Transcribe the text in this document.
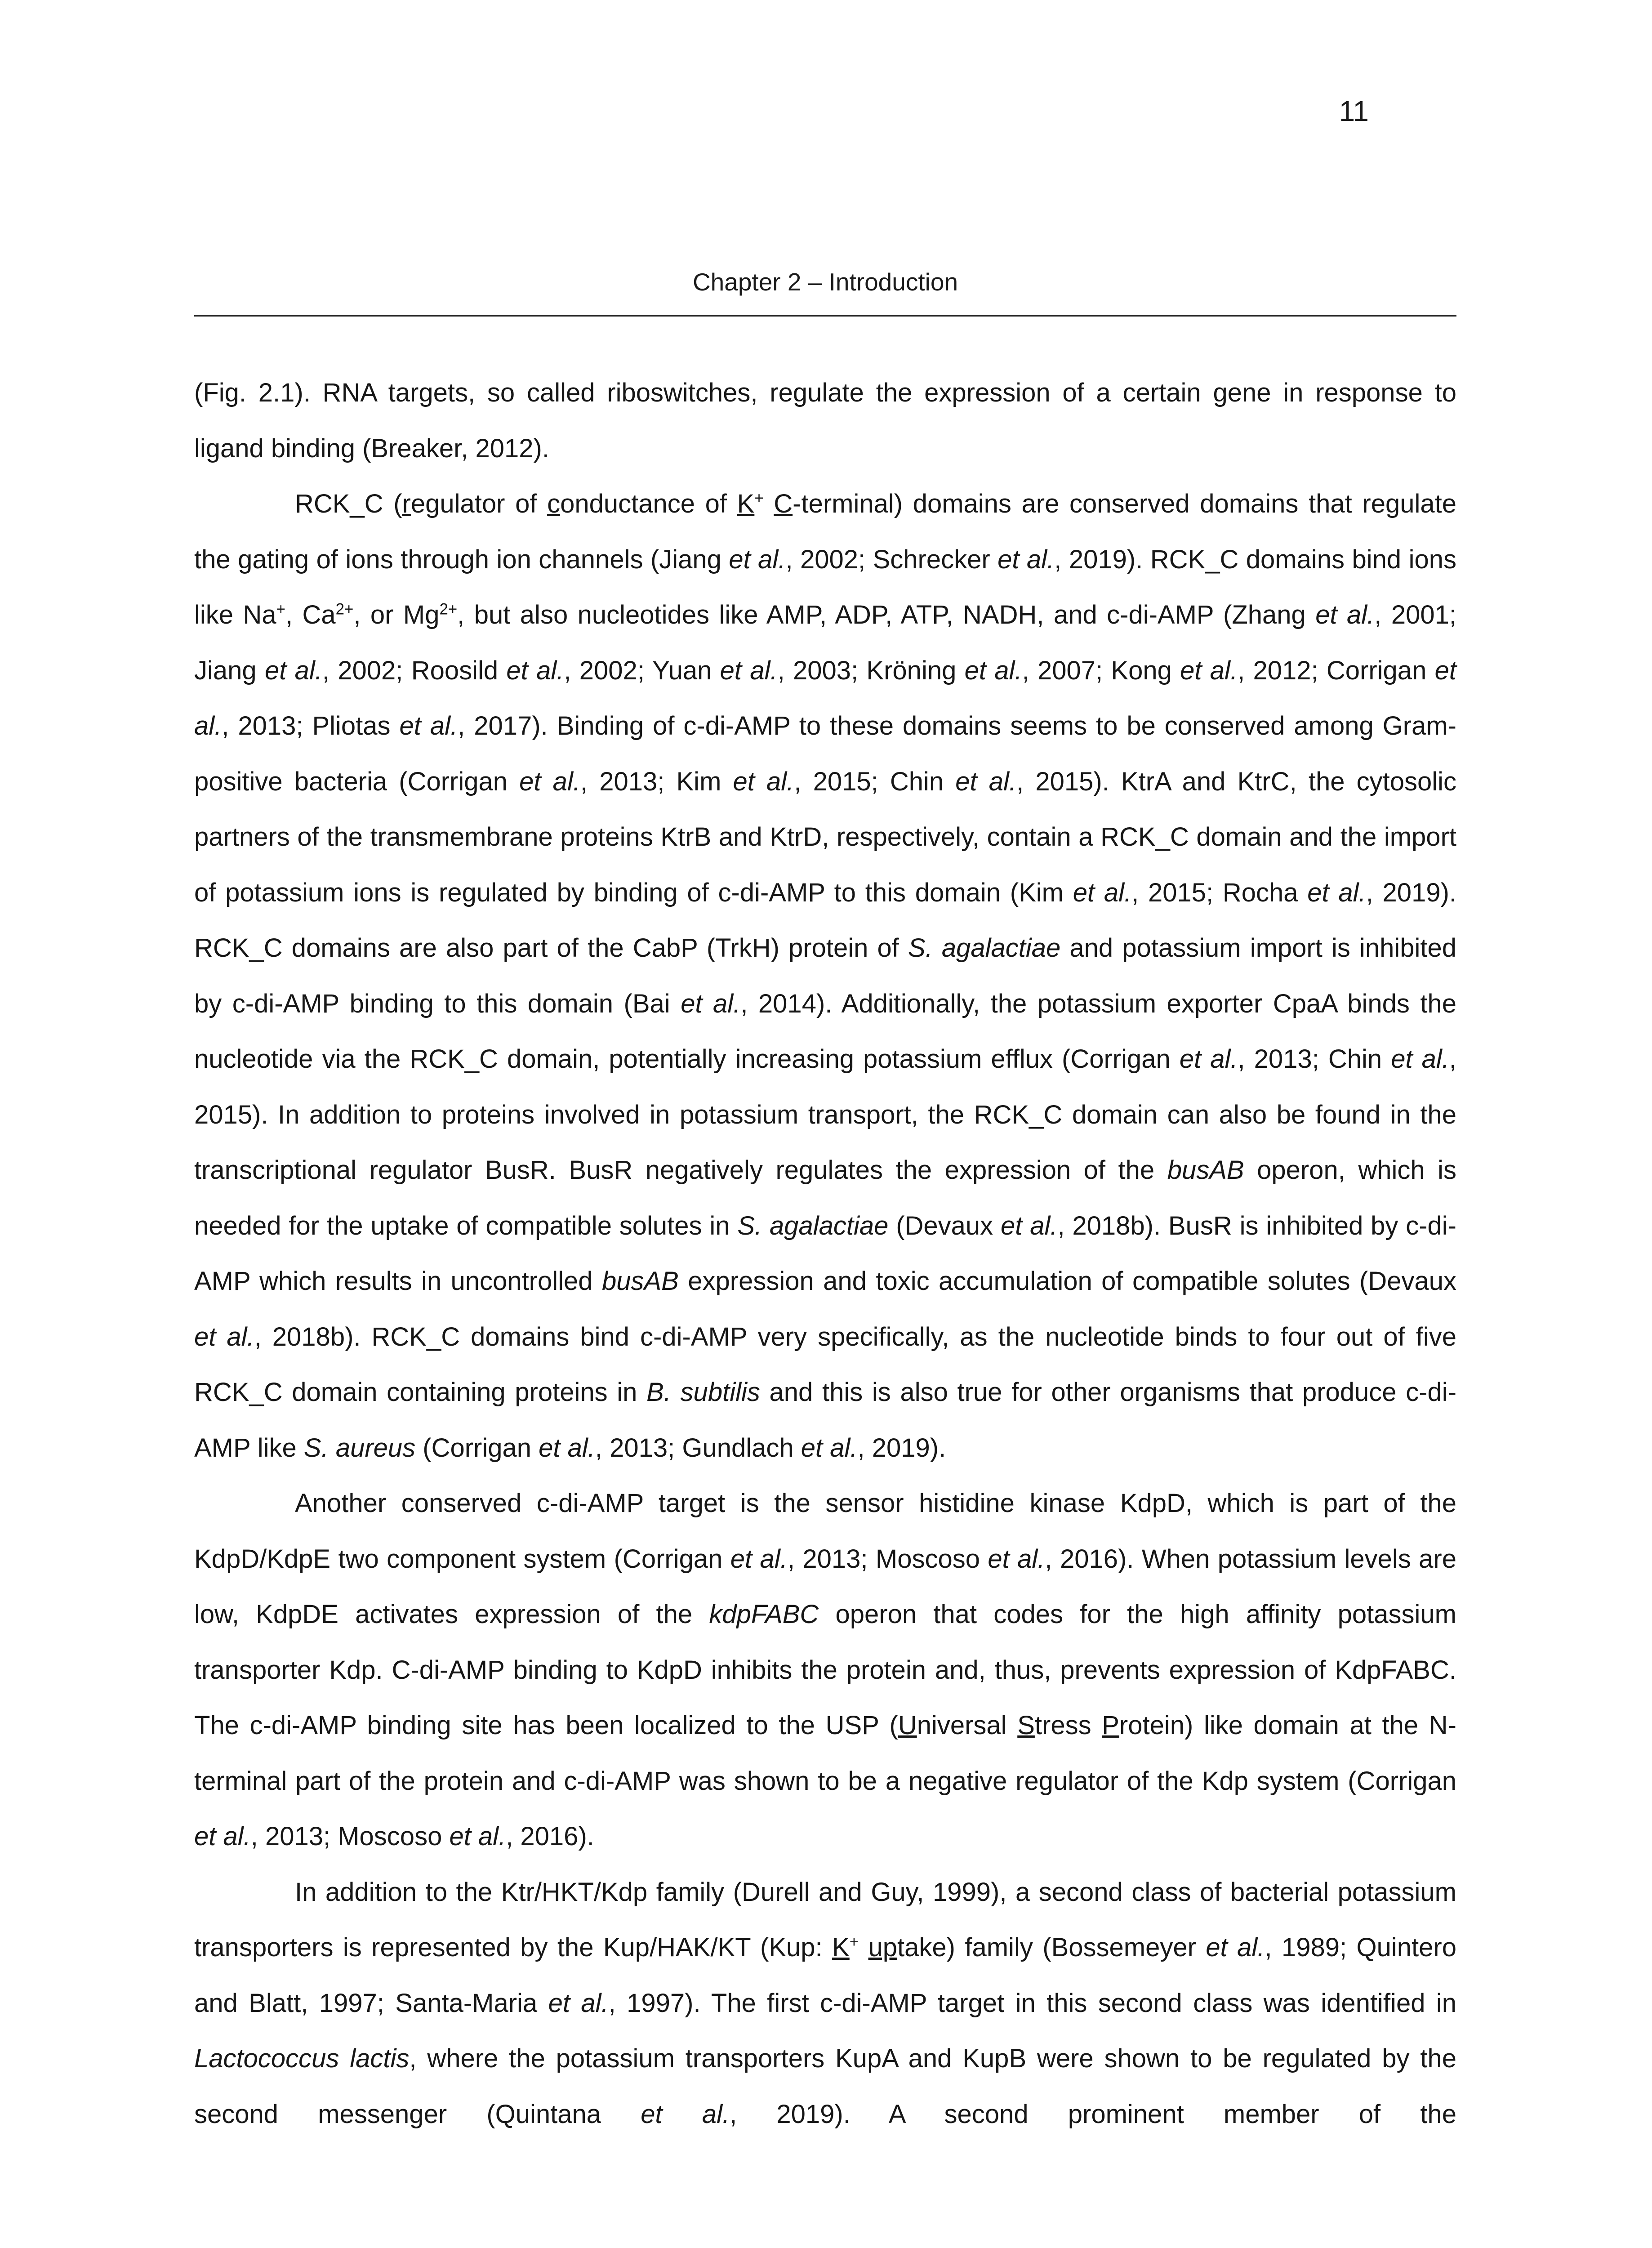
11
Chapter 2 – Introduction

(Fig. 2.1). RNA targets, so called riboswitches, regulate the expression of a certain gene in response to ligand binding (Breaker, 2012).

RCK_C (regulator of conductance of K+ C-terminal) domains are conserved domains that regulate the gating of ions through ion channels (Jiang et al., 2002; Schrecker et al., 2019). RCK_C domains bind ions like Na+, $Ca^{2+}$, or $Mg^{2+}$, but also nucleotides like AMP, ADP, ATP, NADH, and c-di-AMP (Zhang et al., 2001; Jiang et al., 2002; Roosild et al., 2002; Yuan et al., 2003; Kröning et al., 2007; Kong et al., 2012; Corrigan et al., 2013; Pliotas et al., 2017). Binding of c-di-AMP to these domains seems to be conserved among Gram-positive bacteria (Corrigan et al., 2013; Kim et al., 2015; Chin et al., 2015). KtrA and KtrC, the cytosolic partners of the transmembrane proteins KtrB and KtrD, respectively, contain a RCK_C domain and the import of potassium ions is regulated by binding of c-di-AMP to this domain (Kim et al., 2015; Rocha et al., 2019). RCK_C domains are also part of the CabP (TrkH) protein of S. agalactiae and potassium import is inhibited by c-di-AMP binding to this domain (Bai et al., 2014). Additionally, the potassium exporter CpaA binds the nucleotide via the RCK_C domain, potentially increasing potassium efflux (Corrigan et al., 2013; Chin et al., 2015). In addition to proteins involved in potassium transport, the RCK_C domain can also be found in the transcriptional regulator BusR. BusR negatively regulates the expression of the busAB operon, which is needed for the uptake of compatible solutes in S. agalactiae (Devaux et al., 2018b). BusR is inhibited by c-di-AMP which results in uncontrolled busAB expression and toxic accumulation of compatible solutes (Devaux et al., 2018b). RCK_C domains bind c-di-AMP very specifically, as the nucleotide binds to four out of five RCK_C domain containing proteins in B. subtilis and this is also true for other organisms that produce c-di-AMP like S. aureus (Corrigan et al., 2013; Gundlach et al., 2019).

Another conserved c-di-AMP target is the sensor histidine kinase KdpD, which is part of the KdpD/KdpE two component system (Corrigan et al., 2013; Moscoso et al., 2016). When potassium levels are low, KdpDE activates expression of the kdpFABC operon that codes for the high affinity potassium transporter Kdp. C-di-AMP binding to KdpD inhibits the protein and, thus, prevents expression of KdpFABC. The c-di-AMP binding site has been localized to the USP (Universal Stress Protein) like domain at the N-terminal part of the protein and c-di-AMP was shown to be a negative regulator of the Kdp system (Corrigan et al., 2013; Moscoso et al., 2016).

In addition to the Ktr/HKT/Kdp family (Durell and Guy, 1999), a second class of bacterial potassium transporters is represented by the Kup/HAK/KT (Kup: K+ uptake) family (Bossemeyer et al., 1989; Quintero and Blatt, 1997; Santa-Maria et al., 1997). The first c-di-AMP target in this second class was identified in Lactococcus lactis, where the potassium transporters KupA and KupB were shown to be regulated by the second messenger (Quintana et al., 2019). A second prominent member of the
